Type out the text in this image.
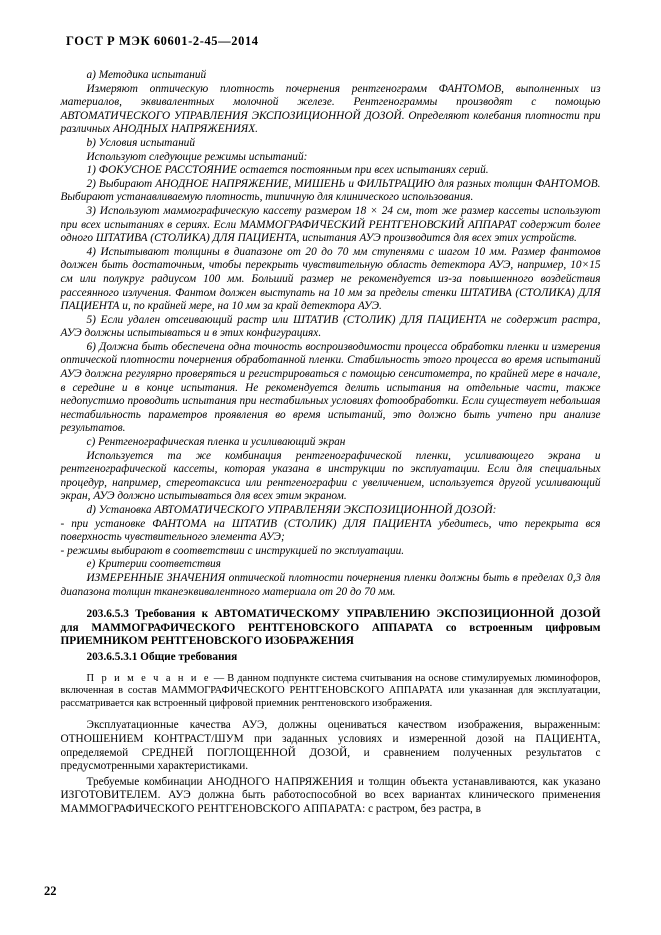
ГОСТ Р МЭК 60601-2-45—2014

a) Методика испытаний

Измеряют оптическую плотность почернения рентгенограмм ФАНТОМОВ, выполненных из материалов, эквивалентных молочной железе. Рентгенограммы производят с помощью АВТОМАТИЧЕСКОГО УПРАВЛЕНИЯ ЭКСПОЗИЦИОННОЙ ДОЗОЙ. Определяют колебания плотности при различных АНОДНЫХ НАПРЯЖЕНИЯХ.

b) Условия испытаний

Используют следующие режимы испытаний:

1) ФОКУСНОЕ РАССТОЯНИЕ остается постоянным при всех испытаниях серий.

2) Выбирают АНОДНОЕ НАПРЯЖЕНИЕ, МИШЕНЬ и ФИЛЬТРАЦИЮ для разных толщин ФАНТОМОВ. Выбирают устанавливаемую плотность, типичную для клинического использования.

3) Используют маммографическую кассету размером 18 × 24 см, тот же размер кассеты используют при всех испытаниях в сериях. Если МАММОГРАФИЧЕСКИЙ РЕНТГЕНОВСКИЙ АППАРАТ содержит более одного ШТАТИВА (СТОЛИКА) ДЛЯ ПАЦИЕНТА, испытания АУЭ производится для всех этих устройств.

4) Испытывают толщины в диапазоне от 20 до 70 мм ступенями с шагом 10 мм. Размер фантомов должен быть достаточным, чтобы перекрыть чувствительную область детектора АУЭ, например, 10×15 см или полукруг радиусом 100 мм. Больший размер не рекомендуется из-за повышенного воздействия рассеянного излучения. Фантом должен выступать на 10 мм за пределы стенки ШТАТИВА (СТОЛИКА) ДЛЯ ПАЦИЕНТА и, по крайней мере, на 10 мм за край детектора АУЭ.

5) Если удален отсеивающий растр или ШТАТИВ (СТОЛИК) ДЛЯ ПАЦИЕНТА не содержит растра, АУЭ должны испытываться и в этих конфигурациях.

6) Должна быть обеспечена одна точность воспроизводимости процесса обработки пленки и измерения оптической плотности почернения обработанной пленки. Стабильность этого процесса во время испытаний АУЭ должна регулярно проверяться и регистрироваться с помощью сенситометра, по крайней мере в начале, в середине и в конце испытания. Не рекомендуется делить испытания на отдельные части, также недопустимо проводить испытания при нестабильных условиях фотообработки. Если существует небольшая нестабильность параметров проявления во время испытаний, это должно быть учтено при анализе результатов.

c) Рентгенографическая пленка и усиливающий экран

Используется та же комбинация рентгенографической пленки, усиливающего экрана и рентгенографической кассеты, которая указана в инструкции по эксплуатации. Если для специальных процедур, например, стереотаксиса или рентгенографии с увеличением, используется другой усиливающий экран, АУЭ должно испытываться для всех этим экраном.

d) Установка АВТОМАТИЧЕСКОГО УПРАВЛЕНЯИ ЭКСПОЗИЦИОННОЙ ДОЗОЙ:

- при установке ФАНТОМА на ШТАТИВ (СТОЛИК) ДЛЯ ПАЦИЕНТА убедитесь, что перекрыта вся поверхность чувствительного элемента АУЭ;

- режимы выбирают в соответствии с инструкцией по эксплуатации.

e) Критерии соответствия

ИЗМЕРЕННЫЕ ЗНАЧЕНИЯ оптической плотности почернения пленки должны быть в пределах 0,3 для диапазона толщин тканеэквивалентного материала от 20 до 70 мм.

203.6.5.3 Требования к АВТОМАТИЧЕСКОМУ УПРАВЛЕНИЮ ЭКСПОЗИЦИОННОЙ ДОЗОЙ для МАММОГРАФИЧЕСКОГО РЕНТГЕНОВСКОГО АППАРАТА со встроенным цифровым ПРИЕМНИКОМ РЕНТГЕНОВСКОГО ИЗОБРАЖЕНИЯ

203.6.5.3.1 Общие требования

П р и м е ч а н и е — В данном подпункте система считывания на основе стимулируемых люминофоров, включенная в состав МАММОГРАФИЧЕСКОГО РЕНТГЕНОВСКОГО АППАРАТА или указанная для эксплуатации, рассматривается как встроенный цифровой приемник рентгеновского изображения.

Эксплуатационные качества АУЭ, должны оцениваться качеством изображения, выраженным: ОТНОШЕНИЕМ КОНТРАСТ/ШУМ при заданных условиях и измеренной дозой на ПАЦИЕНТА, определяемой СРЕДНЕЙ ПОГЛОЩЕННОЙ ДОЗОЙ, и сравнением полученных результатов с предусмотренными характеристиками.

Требуемые комбинации АНОДНОГО НАПРЯЖЕНИЯ и толщин объекта устанавливаются, как указано ИЗГОТОВИТЕЛЕМ. АУЭ должна быть работоспособной во всех вариантах клинического применения МАММОГРАФИЧЕСКОГО РЕНТГЕНОВСКОГО АППАРАТА: с растром, без растра, в

22
